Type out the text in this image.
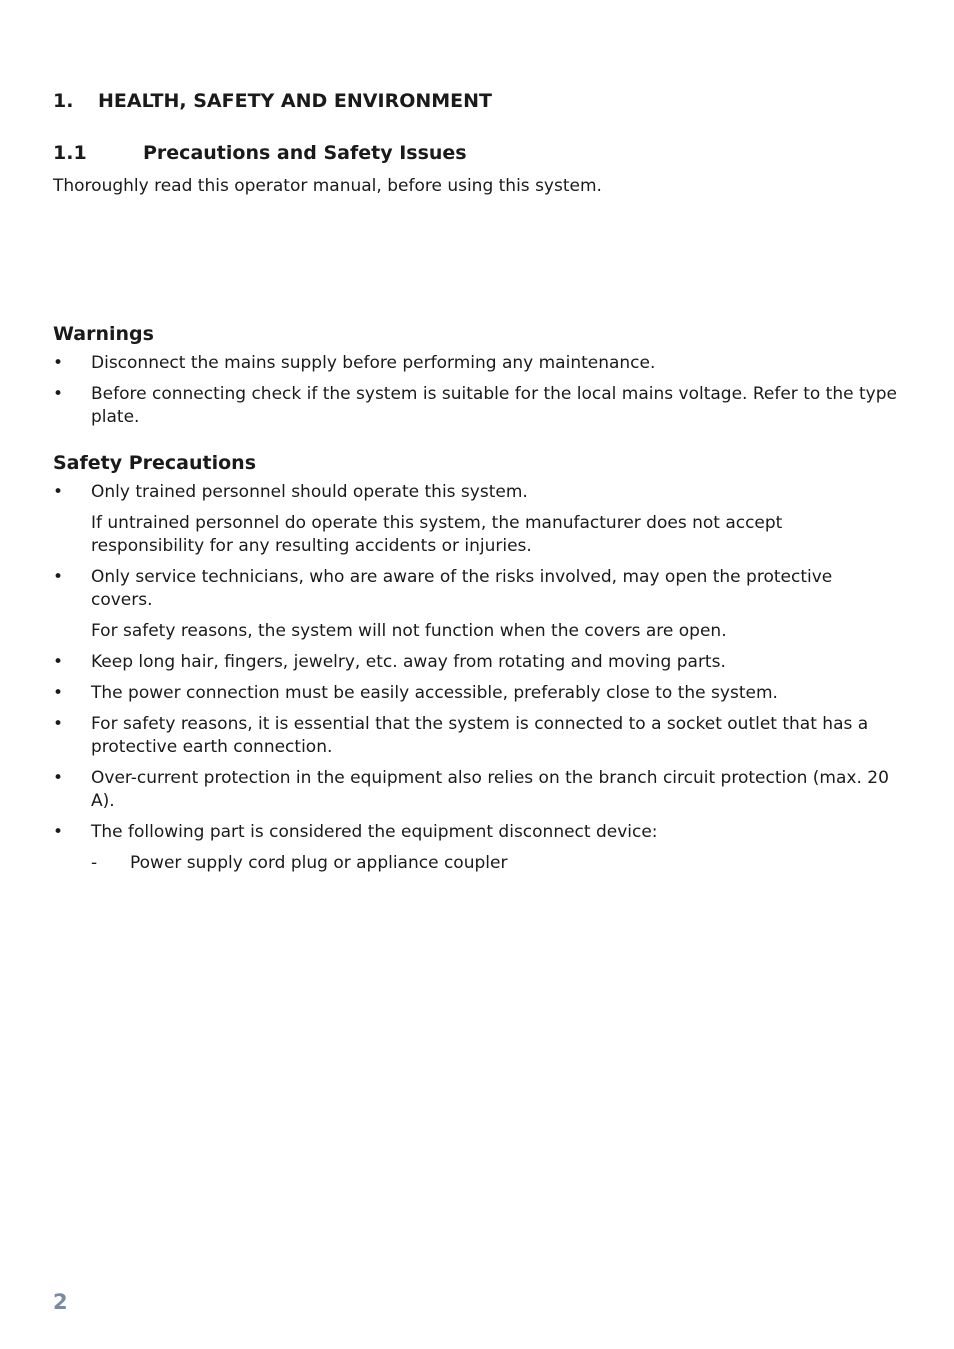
1. HEALTH, SAFETY AND ENVIRONMENT
1.1	Precautions and Safety Issues
Thoroughly read this operator manual, before using this system.
Warnings
• Disconnect the mains supply before performing any maintenance.
• Before connecting check if the system is suitable for the local mains voltage. Refer to the type plate.
Safety Precautions
• Only trained personnel should operate this system.
If untrained personnel do operate this system, the manufacturer does not accept responsibility for any resulting accidents or injuries.
• Only service technicians, who are aware of the risks involved, may open the protective covers.
For safety reasons, the system will not function when the covers are open.
• Keep long hair, fingers, jewelry, etc. away from rotating and moving parts.
• The power connection must be easily accessible, preferably close to the system.
• For safety reasons, it is essential that the system is connected to a socket outlet that has a protective earth connection.
• Over-current protection in the equipment also relies on the branch circuit protection (max. 20 A).
• The following part is considered the equipment disconnect device:
- Power supply cord plug or appliance coupler
2
